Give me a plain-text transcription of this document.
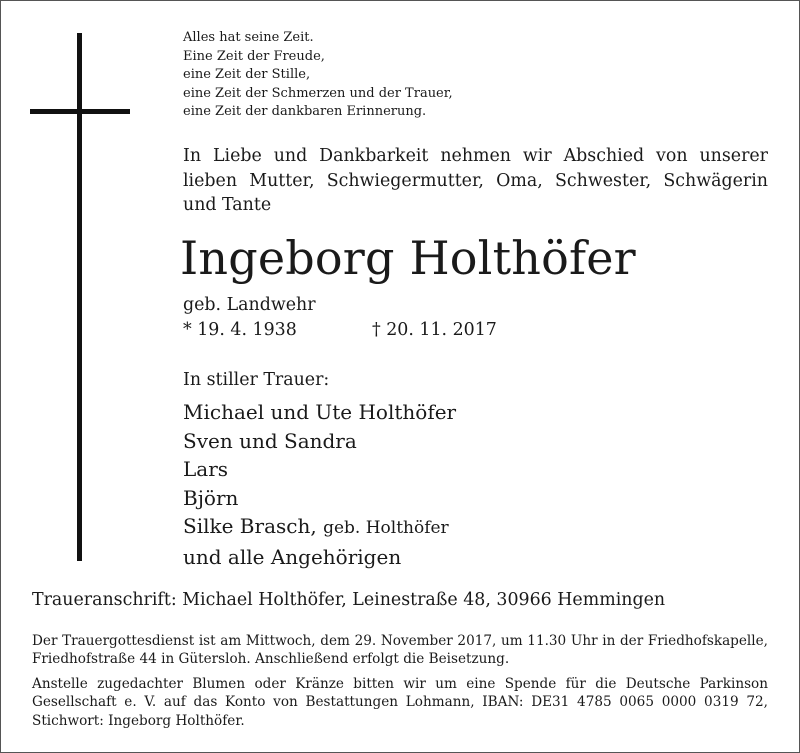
Alles hat seine Zeit.
Eine Zeit der Freude,
eine Zeit der Stille,
eine Zeit der Schmerzen und der Trauer,
eine Zeit der dankbaren Erinnerung.

In Liebe und Dankbarkeit nehmen wir Abschied von unserer lieben Mutter, Schwiegermutter, Oma, Schwester, Schwägerin und Tante

Ingeborg Holthöfer
geb. Landwehr
* 19. 4. 1938	† 20. 11. 2017
In stiller Trauer:
Michael und Ute Holthöfer
Sven und Sandra
Lars
Björn
Silke Brasch, geb. Holthöfer
und alle Angehörigen
Traueranschrift: Michael Holthöfer, Leinestraße 48, 30966 Hemmingen

Der Trauergottesdienst ist am Mittwoch, dem 29. November 2017, um 11.30 Uhr in der Friedhofskapelle, Friedhofstraße 44 in Gütersloh. Anschließend erfolgt die Beisetzung.

Anstelle zugedachter Blumen oder Kränze bitten wir um eine Spende für die Deutsche Parkinson Gesellschaft e. V. auf das Konto von Bestattungen Lohmann, IBAN: DE31 4785 0065 0000 0319 72, Stichwort: Ingeborg Holthöfer.
